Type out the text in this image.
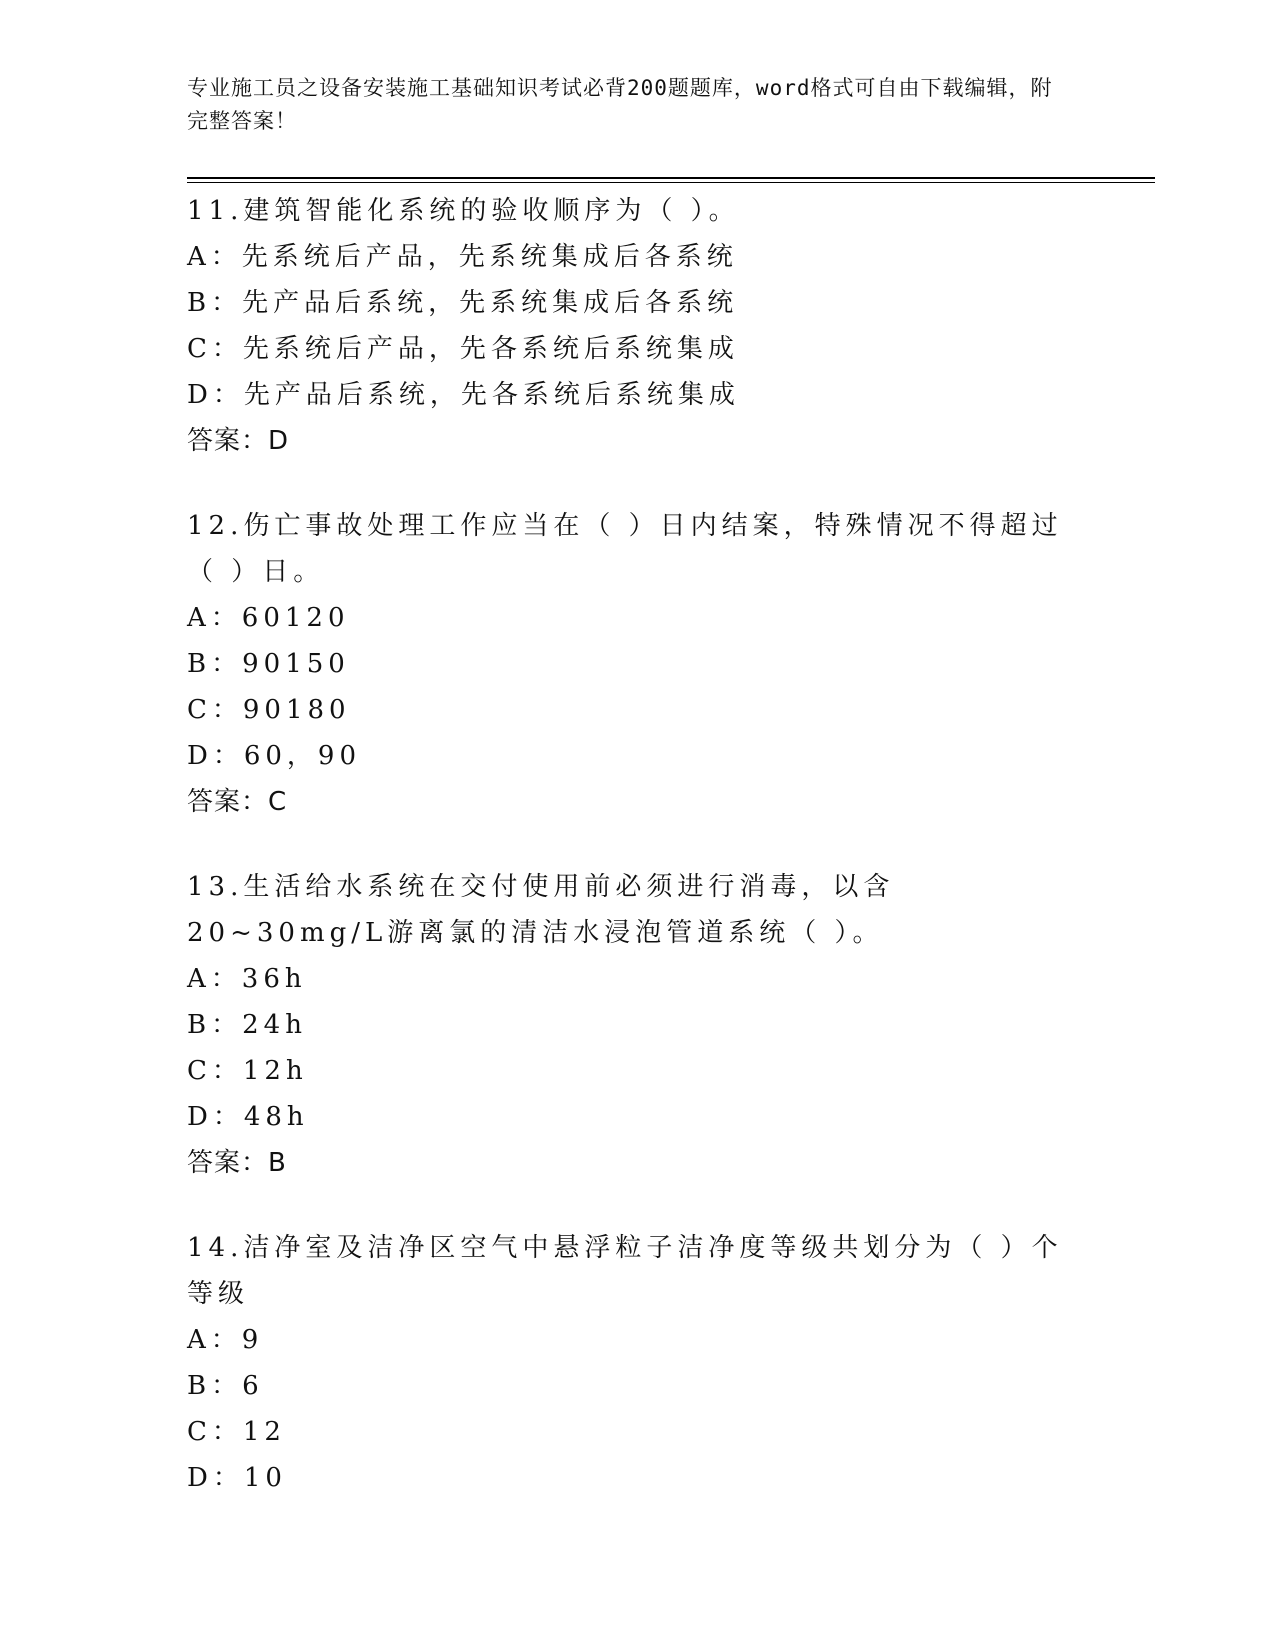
专业施工员之设备安装施工基础知识考试必背200题题库，word格式可自由下载编辑，附完整答案！
11.建筑智能化系统的验收顺序为（ ）。
A：先系统后产品，先系统集成后各系统
B：先产品后系统，先系统集成后各系统
C：先系统后产品，先各系统后系统集成
D：先产品后系统，先各系统后系统集成
答案：D
12.伤亡事故处理工作应当在（ ）日内结案，特殊情况不得超过（ ）日。
A：60120
B：90150
C：90180
D：60，90
答案：C
13.生活给水系统在交付使用前必须进行消毒，以含20~30mg/L游离氯的清洁水浸泡管道系统（ ）。
A：36h
B：24h
C：12h
D：48h
答案：B
14.洁净室及洁净区空气中悬浮粒子洁净度等级共划分为（ ）个等级
A：9
B：6
C：12
D：10
